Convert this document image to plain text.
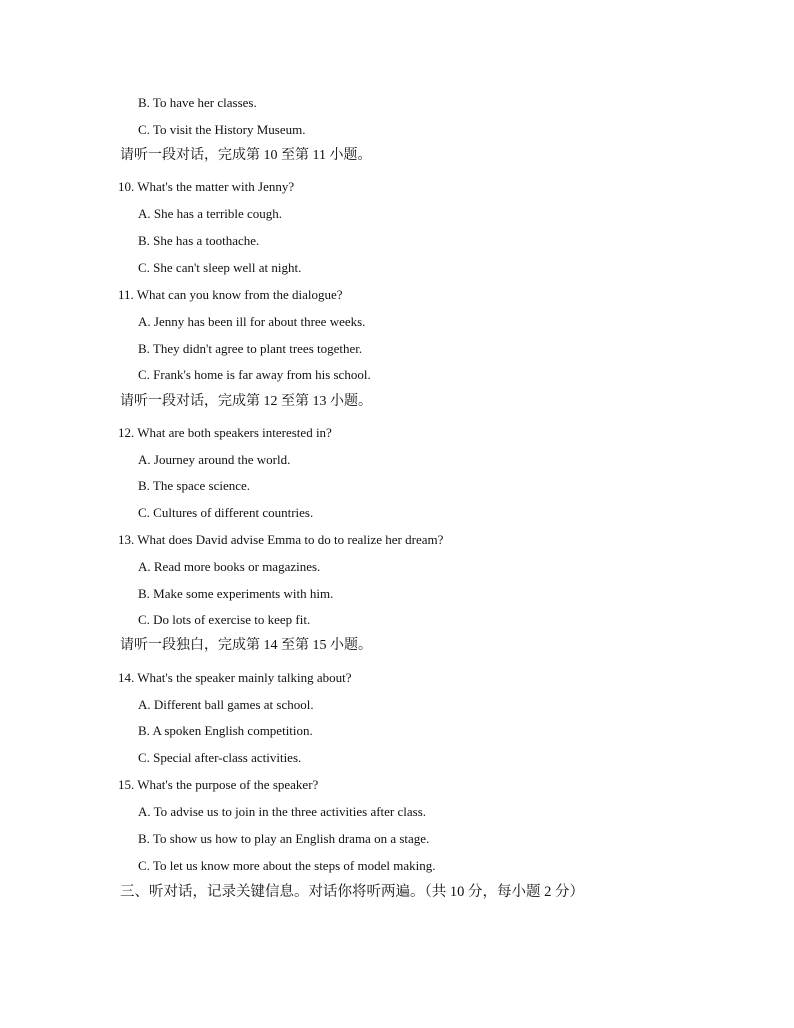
B. To have her classes.
C. To visit the History Museum.
请听一段对话，完成第 10 至第 11 小题。
10. What's the matter with Jenny?
A. She has a terrible cough.
B. She has a toothache.
C. She can't sleep well at night.
11. What can you know from the dialogue?
A. Jenny has been ill for about three weeks.
B. They didn't agree to plant trees together.
C. Frank's home is far away from his school.
请听一段对话，完成第 12 至第 13 小题。
12. What are both speakers interested in?
A. Journey around the world.
B. The space science.
C. Cultures of different countries.
13. What does David advise Emma to do to realize her dream?
A. Read more books or magazines.
B. Make some experiments with him.
C. Do lots of exercise to keep fit.
请听一段独白，完成第 14 至第 15 小题。
14. What's the speaker mainly talking about?
A. Different ball games at school.
B. A spoken English competition.
C. Special after-class activities.
15. What's the purpose of the speaker?
A. To advise us to join in the three activities after class.
B. To show us how to play an English drama on a stage.
C. To let us know more about the steps of model making.
三、听对话，记录关键信息。对话你将听两遍。（共 10 分，每小题 2 分）
